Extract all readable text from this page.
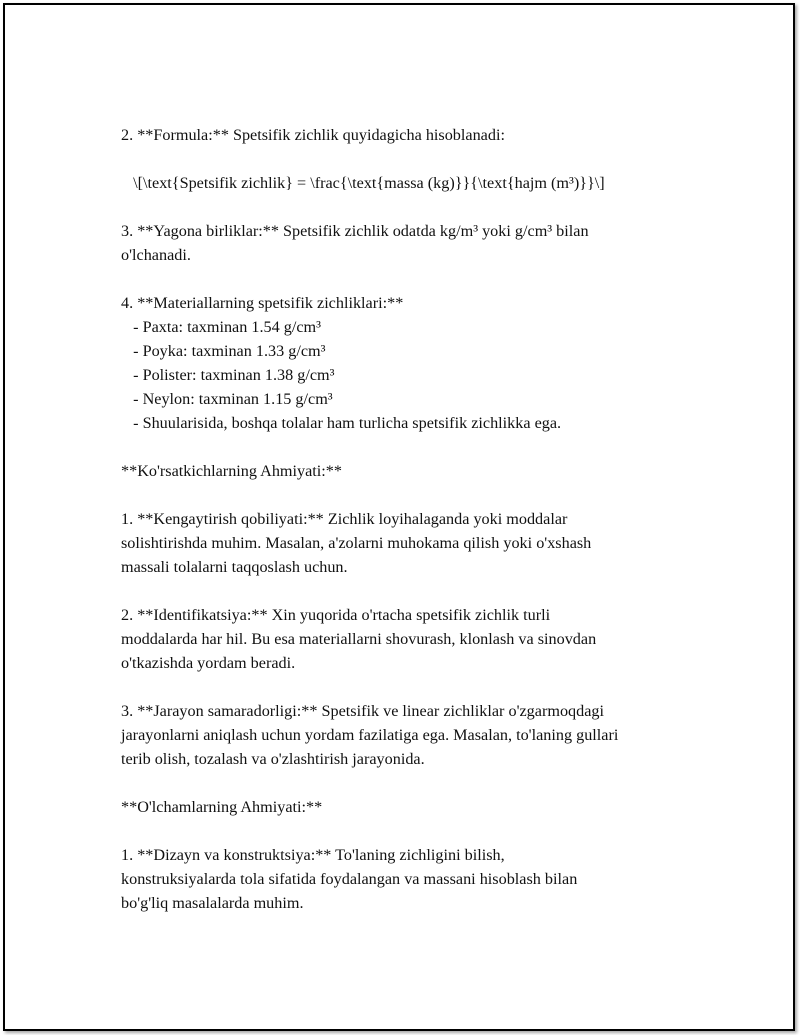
2. **Formula:** Spetsifik zichlik quyidagicha hisoblanadi:
\[\text{Spetsifik zichlik} = \frac{\text{massa (kg)}}{\text{hajm (m³)}}\]
3. **Yagona birliklar:** Spetsifik zichlik odatda kg/m³ yoki g/cm³ bilan
o'lchanadi.
4. **Materiallarning spetsifik zichliklari:**
- Paxta: taxminan 1.54 g/cm³
- Poyka: taxminan 1.33 g/cm³
- Polister: taxminan 1.38 g/cm³
- Neylon: taxminan 1.15 g/cm³
- Shuularisida, boshqa tolalar ham turlicha spetsifik zichlikka ega.
**Ko'rsatkichlarning Ahmiyati:**
1. **Kengaytirish qobiliyati:** Zichlik loyihalaganda yoki moddalar
solishtirishda muhim. Masalan, a'zolarni muhokama qilish yoki o'xshash
massali tolalarni taqqoslash uchun.
2. **Identifikatsiya:** Xin yuqorida o'rtacha spetsifik zichlik turli
moddalarda har hil. Bu esa materiallarni shovurash, klonlash va sinovdan
o'tkazishda yordam beradi.
3. **Jarayon samaradorligi:** Spetsifik ve linear zichliklar o'zgarmoqdagi
jarayonlarni aniqlash uchun yordam fazilatiga ega. Masalan, to'laning gullari
terib olish, tozalash va o'zlashtirish jarayonida.
**O'lchamlarning Ahmiyati:**
1. **Dizayn va konstruktsiya:** To'laning zichligini bilish,
konstruksiyalarda tola sifatida foydalangan va massani hisoblash bilan
bo'g'liq masalalarda muhim.
